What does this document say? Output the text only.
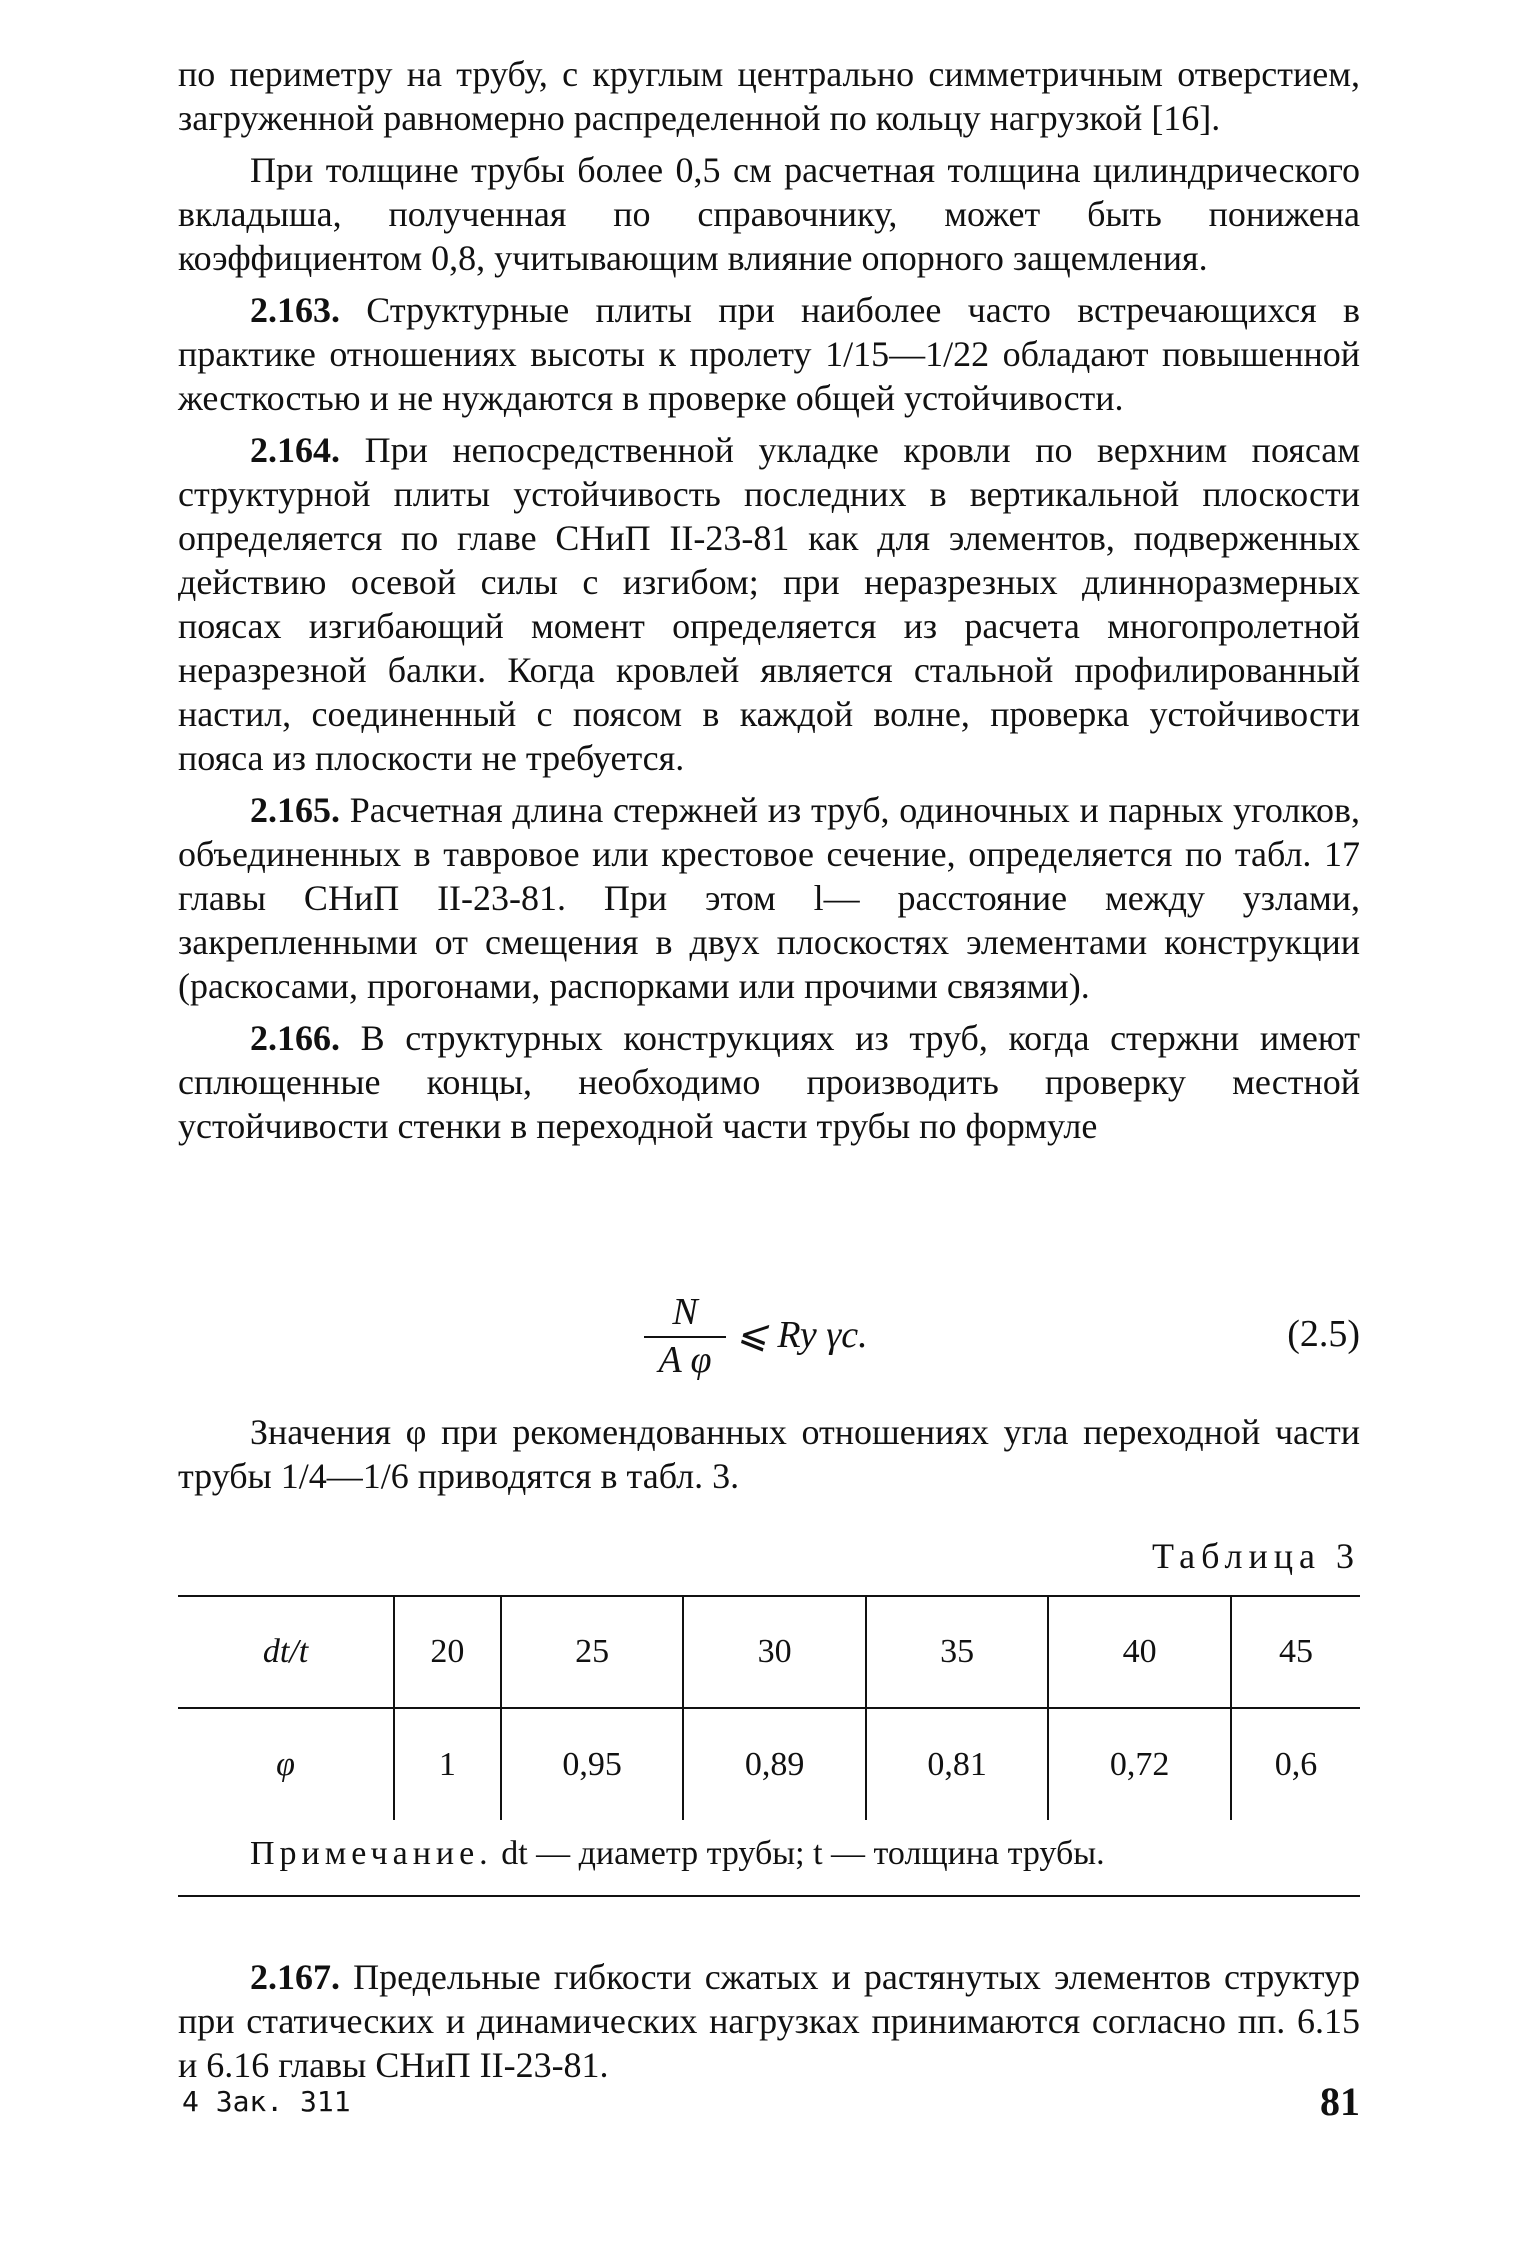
по периметру на трубу, с круглым центрально симметричным отверстием, загруженной равномерно распределенной по кольцу нагрузкой [16].

При толщине трубы более 0,5 см расчетная толщина цилиндрического вкладыша, полученная по справочнику, может быть понижена коэффициентом 0,8, учитывающим влияние опорного защемления.

2.163. Структурные плиты при наиболее часто встречающихся в практике отношениях высоты к пролету 1/15—1/22 обладают повышенной жесткостью и не нуждаются в проверке общей устойчивости.

2.164. При непосредственной укладке кровли по верхним поясам структурной плиты устойчивость последних в вертикальной плоскости определяется по главе СНиП II-23-81 как для элементов, подверженных действию осевой силы с изгибом; при неразрезных длинноразмерных поясах изгибающий момент определяется из расчета многопролетной неразрезной балки. Когда кровлей является стальной профилированный настил, соединенный с поясом в каждой волне, проверка устойчивости пояса из плоскости не требуется.

2.165. Расчетная длина стержней из труб, одиночных и парных уголков, объединенных в тавровое или крестовое сечение, определяется по табл. 17 главы СНиП II-23-81. При этом l— расстояние между узлами, закрепленными от смещения в двух плоскостях элементами конструкции (раскосами, прогонами, распорками или прочими связями).

2.166. В структурных конструкциях из труб, когда стержни имеют сплющенные концы, необходимо производить проверку местной устойчивости стенки в переходной части трубы по формуле

N
A φ
⩽ Ry γc.	(2.5)

Значения φ при рекомендованных отношениях угла переходной части трубы 1/4—1/6 приводятся в табл. 3.

Таблица 3
dt/t	20	25	30	35	40	45
φ	1	0,95	0,89	0,81	0,72	0,6
Примечание. dt — диаметр трубы; t — толщина трубы.

2.167. Предельные гибкости сжатых и растянутых элементов структур при статических и динамических нагрузках принимаются согласно пп. 6.15 и 6.16 главы СНиП II-23-81.

4 Зак. 311	81
